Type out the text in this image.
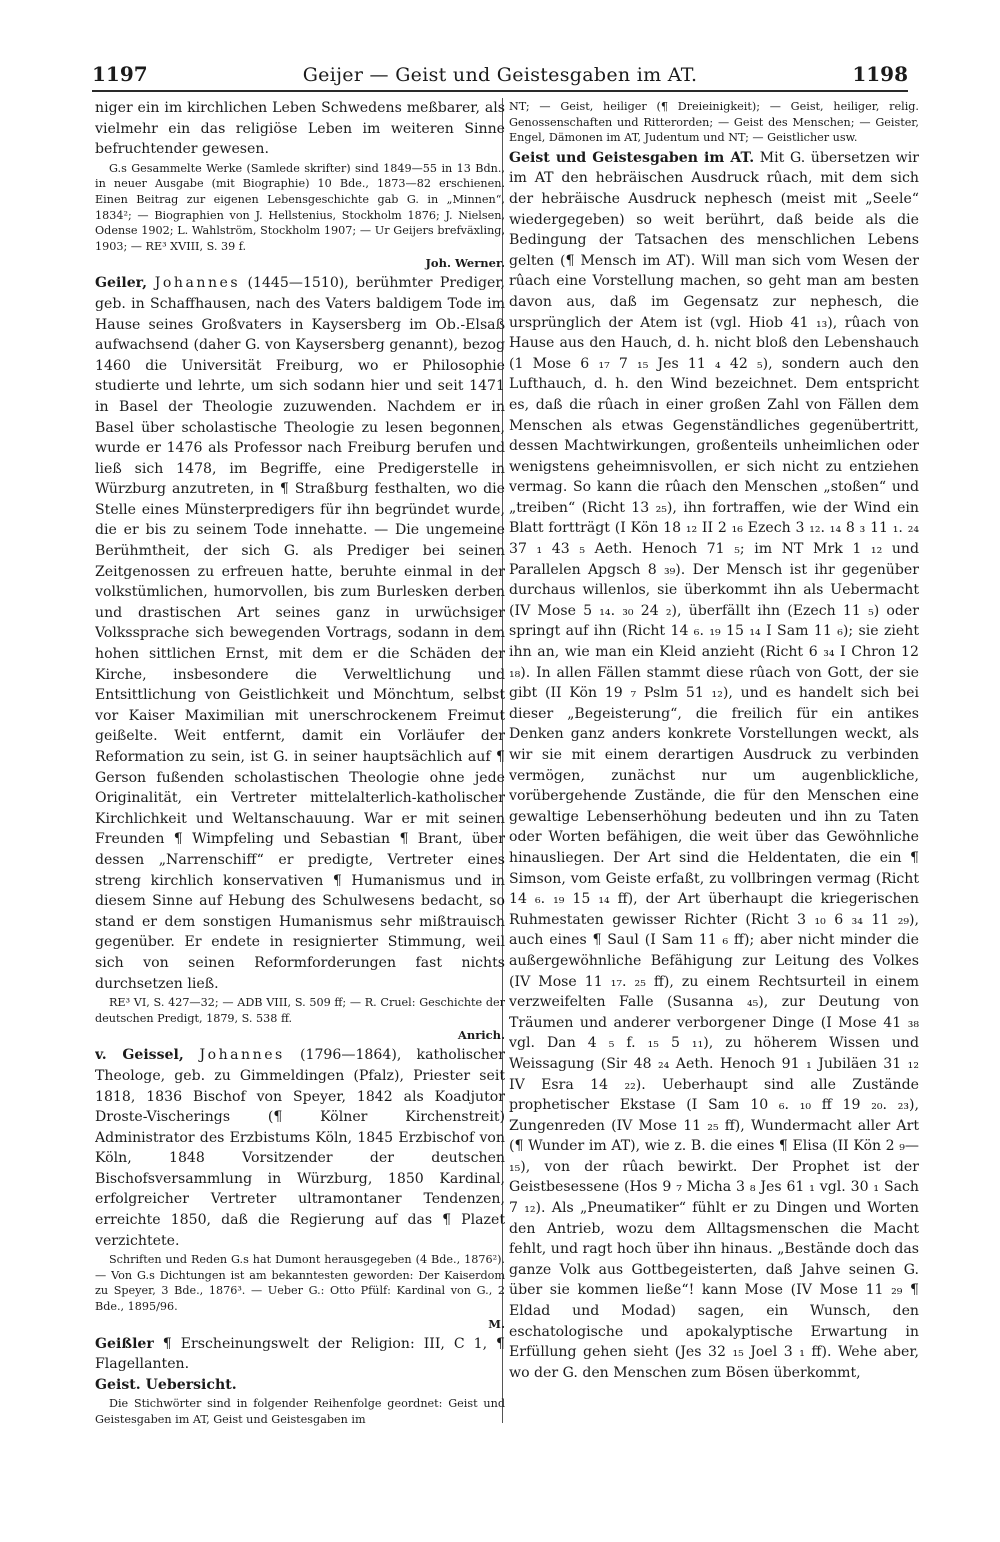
1197	Geijer — Geist und Geistesgaben im AT.	1198

niger ein im kirchlichen Leben Schwedens meßbarer, als vielmehr ein das religiöse Leben im weiteren Sinne befruchtender gewesen.

G.s Gesammelte Werke (Samlede skrifter) sind 1849—55 in 13 Bdn., in neuer Ausgabe (mit Biographie) 10 Bde., 1873—82 erschienen. Einen Beitrag zur eigenen Lebensgeschichte gab G. in „Minnen“, 1834²; — Biographien von J. Hellstenius, Stockholm 1876; J. Nielsen, Odense 1902; L. Wahlström, Stockholm 1907; — Ur Geijers brefväxling, 1903; — RE³ XVIII, S. 39 f.

Joh. Werner.

Geiler, Johannes (1445—1510), berühmter Prediger, geb. in Schaffhausen, nach des Vaters baldigem Tode im Hause seines Großvaters in Kaysersberg im Ob.-Elsaß aufwachsend (daher G. von Kaysersberg genannt), bezog 1460 die Universität Freiburg, wo er Philosophie studierte und lehrte, um sich sodann hier und seit 1471 in Basel der Theologie zuzuwenden. Nachdem er in Basel über scholastische Theologie zu lesen begonnen, wurde er 1476 als Professor nach Freiburg berufen und ließ sich 1478, im Begriffe, eine Predigerstelle in Würzburg anzutreten, in ¶ Straßburg festhalten, wo die Stelle eines Münsterpredigers für ihn begründet wurde, die er bis zu seinem Tode innehatte. — Die ungemeine Berühmtheit, der sich G. als Prediger bei seinen Zeitgenossen zu erfreuen hatte, beruhte einmal in der volkstümlichen, humorvollen, bis zum Burlesken derben und drastischen Art seines ganz in urwüchsiger Volkssprache sich bewegenden Vortrags, sodann in dem hohen sittlichen Ernst, mit dem er die Schäden der Kirche, insbesondere die Verweltlichung und Entsittlichung von Geistlichkeit und Mönchtum, selbst vor Kaiser Maximilian mit unerschrockenem Freimut geißelte. Weit entfernt, damit ein Vorläufer der Reformation zu sein, ist G. in seiner hauptsächlich auf ¶ Gerson fußenden scholastischen Theologie ohne jede Originalität, ein Vertreter mittelalterlich-katholischer Kirchlichkeit und Weltanschauung. War er mit seinen Freunden ¶ Wimpfeling und Sebastian ¶ Brant, über dessen „Narrenschiff“ er predigte, Vertreter eines streng kirchlich konservativen ¶ Humanismus und in diesem Sinne auf Hebung des Schulwesens bedacht, so stand er dem sonstigen Humanismus sehr mißtrauisch gegenüber. Er endete in resignierter Stimmung, weil sich von seinen Reformforderungen fast nichts durchsetzen ließ.

RE³ VI, S. 427—32; — ADB VIII, S. 509 ff; — R. Cruel: Geschichte der deutschen Predigt, 1879, S. 538 ff.

Anrich.

v. Geissel, Johannes (1796—1864), katholischer Theologe, geb. zu Gimmeldingen (Pfalz), Priester seit 1818, 1836 Bischof von Speyer, 1842 als Koadjutor Droste-Vischerings (¶ Kölner Kirchenstreit) Administrator des Erzbistums Köln, 1845 Erzbischof von Köln, 1848 Vorsitzender der deutschen Bischofsversammlung in Würzburg, 1850 Kardinal, erfolgreicher Vertreter ultramontaner Tendenzen, erreichte 1850, daß die Regierung auf das ¶ Plazet verzichtete.

Schriften und Reden G.s hat Dumont herausgegeben (4 Bde., 1876²). — Von G.s Dichtungen ist am bekanntesten geworden: Der Kaiserdom zu Speyer, 3 Bde., 1876³. — Ueber G.: Otto Pfülf: Kardinal von G., 2 Bde., 1895/96.

M.

Geißler ¶ Erscheinungswelt der Religion: III, C 1, ¶ Flagellanten.

Geist. Uebersicht.

Die Stichwörter sind in folgender Reihenfolge geordnet: Geist und Geistesgaben im AT, Geist und Geistesgaben im

NT; — Geist, heiliger (¶ Dreieinigkeit); — Geist, heiliger, relig. Genossenschaften und Ritterorden; — Geist des Menschen; — Geister, Engel, Dämonen im AT, Judentum und NT; — Geistlicher usw.

Geist und Geistesgaben im AT. Mit G. übersetzen wir im AT den hebräischen Ausdruck rûach, mit dem sich der hebräische Ausdruck nephesch (meist mit „Seele“ wiedergegeben) so weit berührt, daß beide als die Bedingung der Tatsachen des menschlichen Lebens gelten (¶ Mensch im AT). Will man sich vom Wesen der rûach eine Vorstellung machen, so geht man am besten davon aus, daß im Gegensatz zur nephesch, die ursprünglich der Atem ist (vgl. Hiob 41 ₁₃), rûach von Hause aus den Hauch, d. h. nicht bloß den Lebenshauch (1 Mose 6 ₁₇ 7 ₁₅ Jes 11 ₄ 42 ₅), sondern auch den Lufthauch, d. h. den Wind bezeichnet. Dem entspricht es, daß die rûach in einer großen Zahl von Fällen dem Menschen als etwas Gegenständliches gegenübertritt, dessen Machtwirkungen, großenteils unheimlichen oder wenigstens geheimnisvollen, er sich nicht zu entziehen vermag. So kann die rûach den Menschen „stoßen“ und „treiben“ (Richt 13 ₂₅), ihn fortraffen, wie der Wind ein Blatt fortträgt (I Kön 18 ₁₂ II 2 ₁₆ Ezech 3 ₁₂. ₁₄ 8 ₃ 11 ₁. ₂₄ 37 ₁ 43 ₅ Aeth. Henoch 71 ₅; im NT Mrk 1 ₁₂ und Parallelen Apgsch 8 ₃₉). Der Mensch ist ihr gegenüber durchaus willenlos, sie überkommt ihn als Uebermacht (IV Mose 5 ₁₄. ₃₀ 24 ₂), überfällt ihn (Ezech 11 ₅) oder springt auf ihn (Richt 14 ₆. ₁₉ 15 ₁₄ I Sam 11 ₆); sie zieht ihn an, wie man ein Kleid anzieht (Richt 6 ₃₄ I Chron 12 ₁₈). In allen Fällen stammt diese rûach von Gott, der sie gibt (II Kön 19 ₇ Pslm 51 ₁₂), und es handelt sich bei dieser „Begeisterung“, die freilich für ein antikes Denken ganz anders konkrete Vorstellungen weckt, als wir sie mit einem derartigen Ausdruck zu verbinden vermögen, zunächst nur um augenblickliche, vorübergehende Zustände, die für den Menschen eine gewaltige Lebenserhöhung bedeuten und ihn zu Taten oder Worten befähigen, die weit über das Gewöhnliche hinausliegen. Der Art sind die Heldentaten, die ein ¶ Simson, vom Geiste erfaßt, zu vollbringen vermag (Richt 14 ₆. ₁₉ 15 ₁₄ ff), der Art überhaupt die kriegerischen Ruhmestaten gewisser Richter (Richt 3 ₁₀ 6 ₃₄ 11 ₂₉), auch eines ¶ Saul (I Sam 11 ₆ ff); aber nicht minder die außergewöhnliche Befähigung zur Leitung des Volkes (IV Mose 11 ₁₇. ₂₅ ff), zu einem Rechtsurteil in einem verzweifelten Falle (Susanna ₄₅), zur Deutung von Träumen und anderer verborgener Dinge (I Mose 41 ₃₈ vgl. Dan 4 ₅ f. ₁₅ 5 ₁₁), zu höherem Wissen und Weissagung (Sir 48 ₂₄ Aeth. Henoch 91 ₁ Jubiläen 31 ₁₂ IV Esra 14 ₂₂). Ueberhaupt sind alle Zustände prophetischer Ekstase (I Sam 10 ₆. ₁₀ ff 19 ₂₀. ₂₃), Zungenreden (IV Mose 11 ₂₅ ff), Wundermacht aller Art (¶ Wunder im AT), wie z. B. die eines ¶ Elisa (II Kön 2 ₉—₁₅), von der rûach bewirkt. Der Prophet ist der Geistbesessene (Hos 9 ₇ Micha 3 ₈ Jes 61 ₁ vgl. 30 ₁ Sach 7 ₁₂). Als „Pneumatiker“ fühlt er zu Dingen und Worten den Antrieb, wozu dem Alltagsmenschen die Macht fehlt, und ragt hoch über ihn hinaus. „Bestände doch das ganze Volk aus Gottbegeisterten, daß Jahve seinen G. über sie kommen ließe“! kann Mose (IV Mose 11 ₂₉ ¶ Eldad und Modad) sagen, ein Wunsch, den eschatologische und apokalyptische Erwartung in Erfüllung gehen sieht (Jes 32 ₁₅ Joel 3 ₁ ff). Wehe aber, wo der G. den Menschen zum Bösen überkommt,
